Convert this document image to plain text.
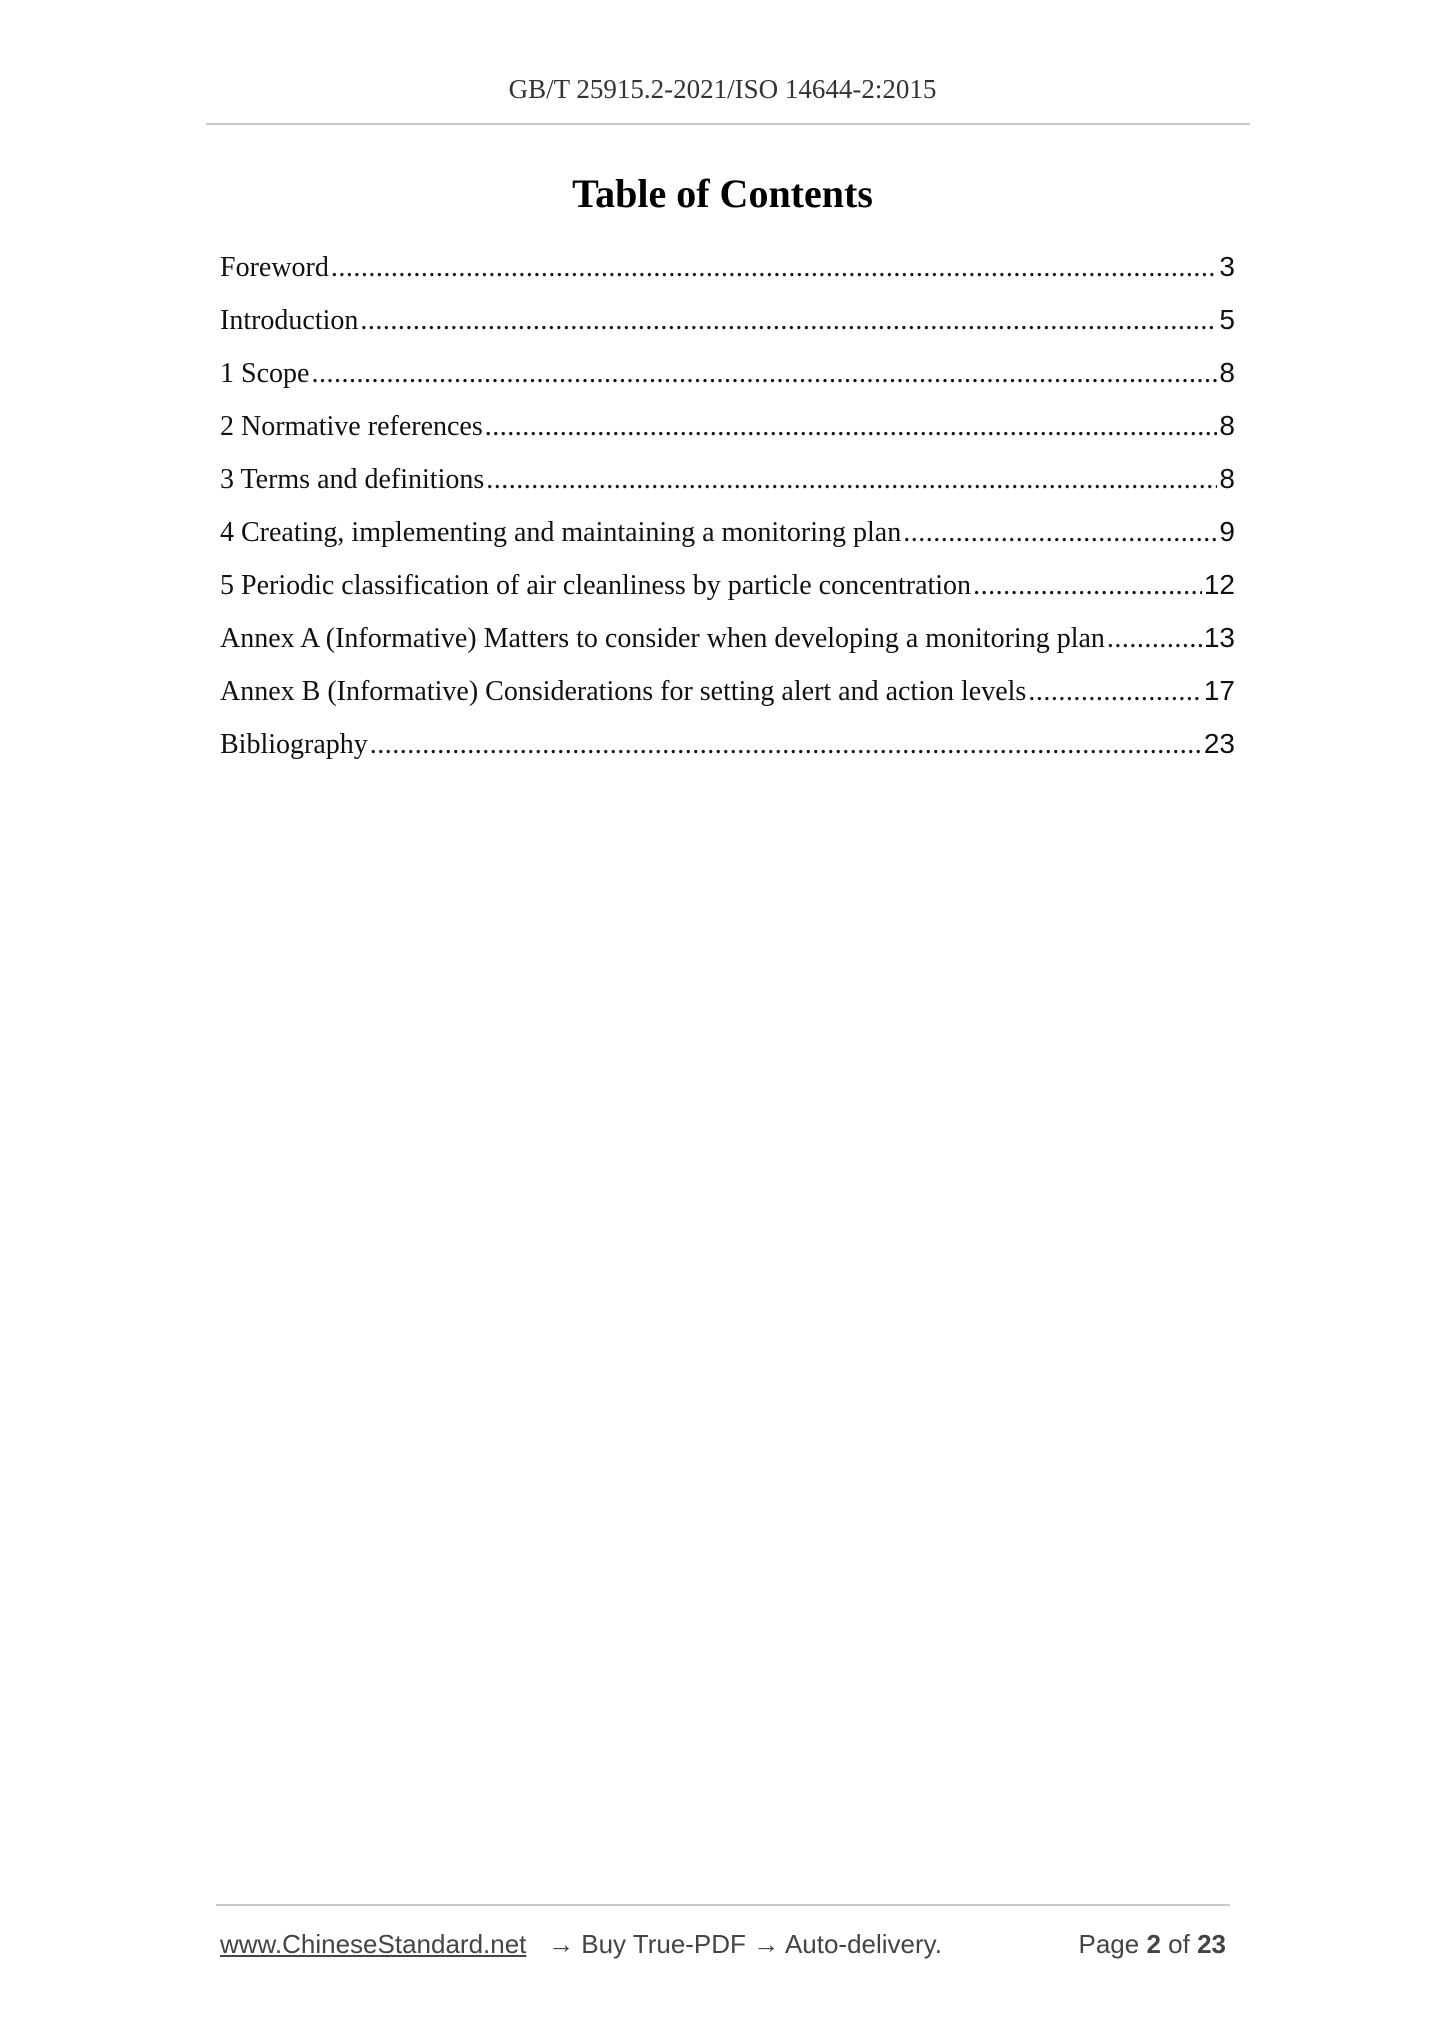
GB/T 25915.2-2021/ISO 14644-2:2015
Table of Contents
Foreword .....	3
Introduction .....	5
1 Scope .....	8
2 Normative references .....	8
3 Terms and definitions .....	8
4 Creating, implementing and maintaining a monitoring plan .....	9
5 Periodic classification of air cleanliness by particle concentration .....	12
Annex A (Informative) Matters to consider when developing a monitoring plan .....	13
Annex B (Informative) Considerations for setting alert and action levels .....	17
Bibliography .....	23
www.ChineseStandard.net → Buy True-PDF → Auto-delivery.	Page 2 of 23
